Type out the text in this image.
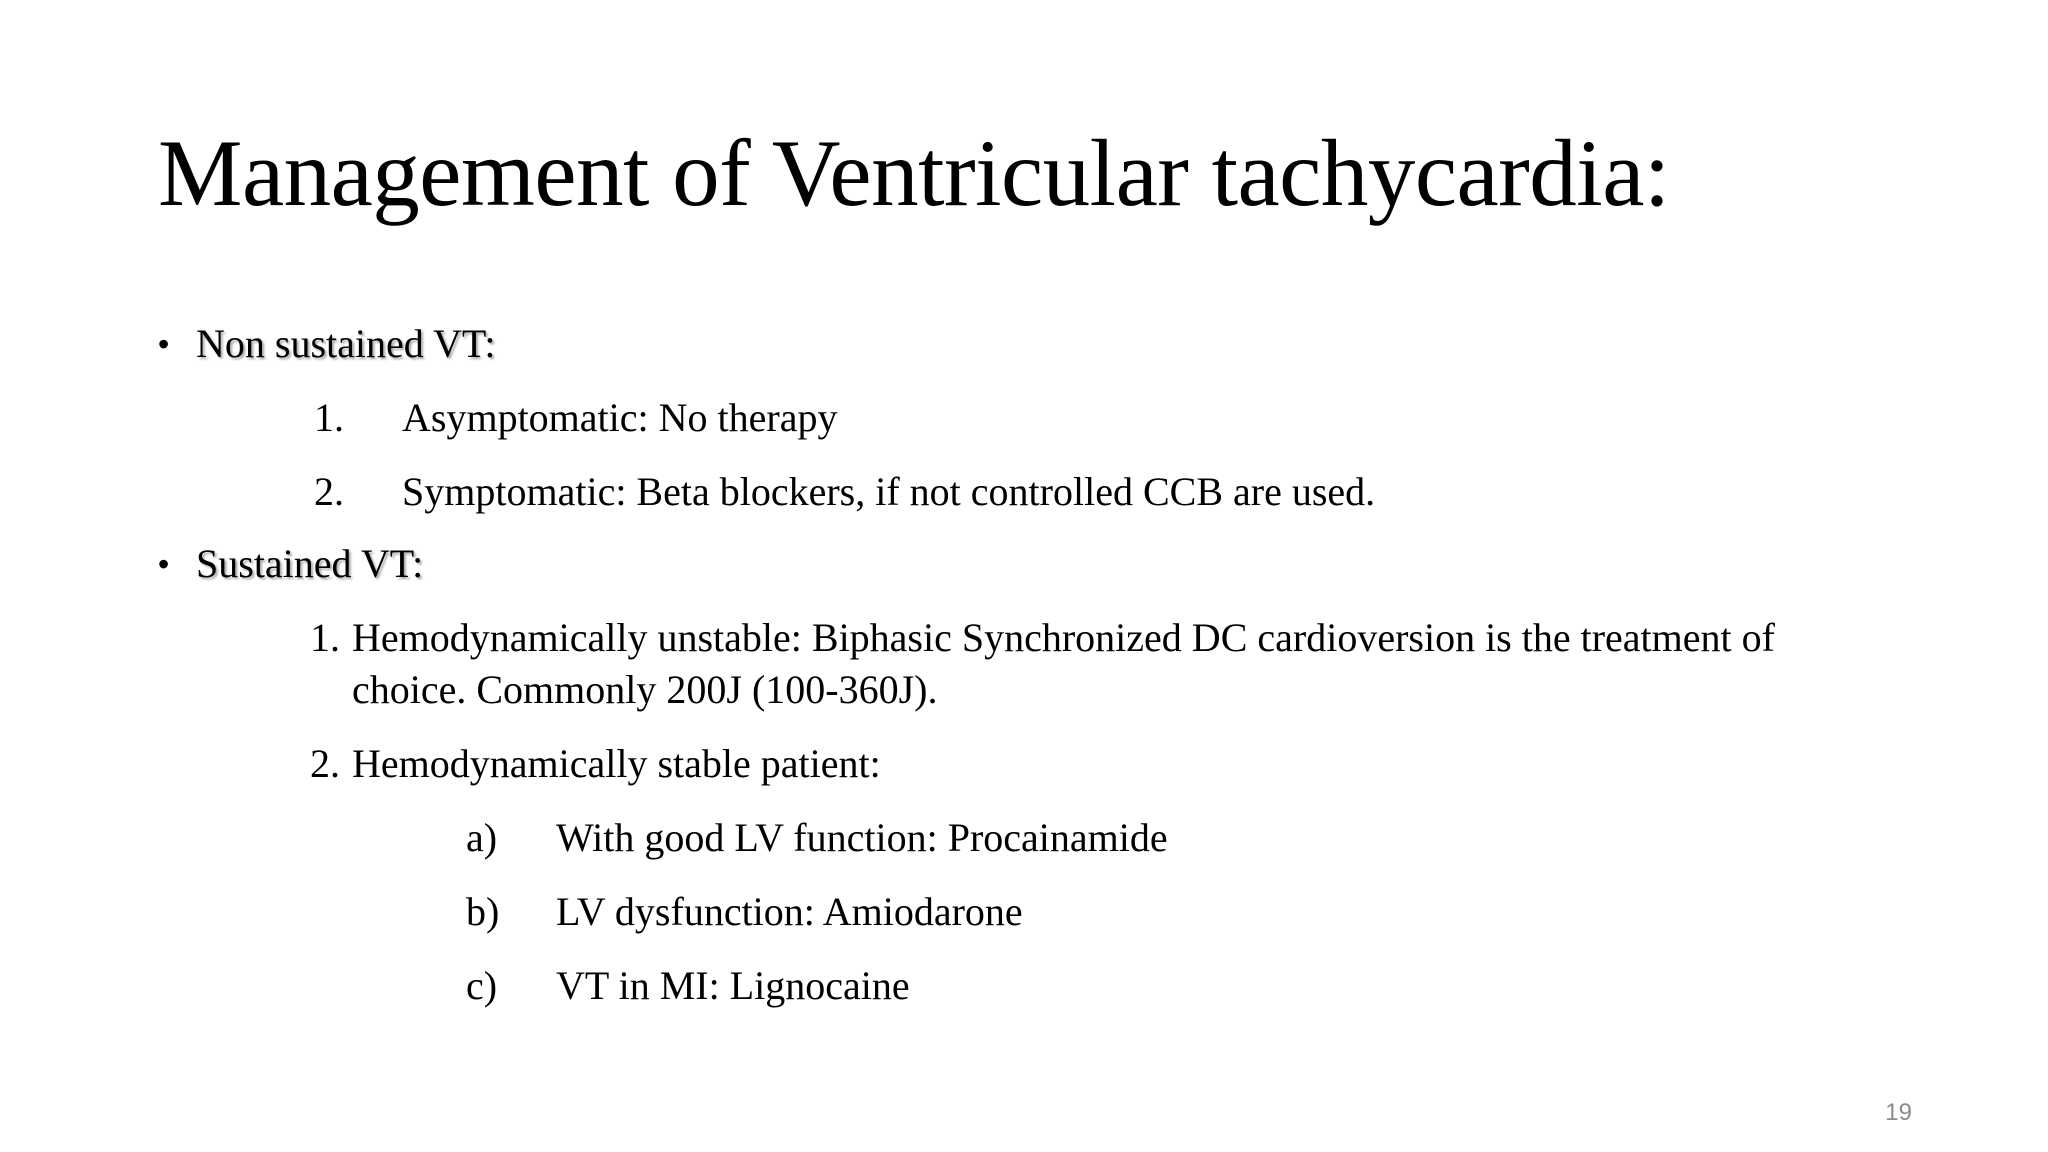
Management of Ventricular tachycardia:
• Non sustained VT:
1. Asymptomatic: No therapy
2. Symptomatic: Beta blockers, if not controlled CCB are used.
• Sustained VT:
1. Hemodynamically unstable: Biphasic Synchronized DC cardioversion is the treatment of
choice. Commonly 200J (100-360J).
2. Hemodynamically stable patient:
a) With good LV function: Procainamide
b) LV dysfunction: Amiodarone
c) VT in MI: Lignocaine
19
